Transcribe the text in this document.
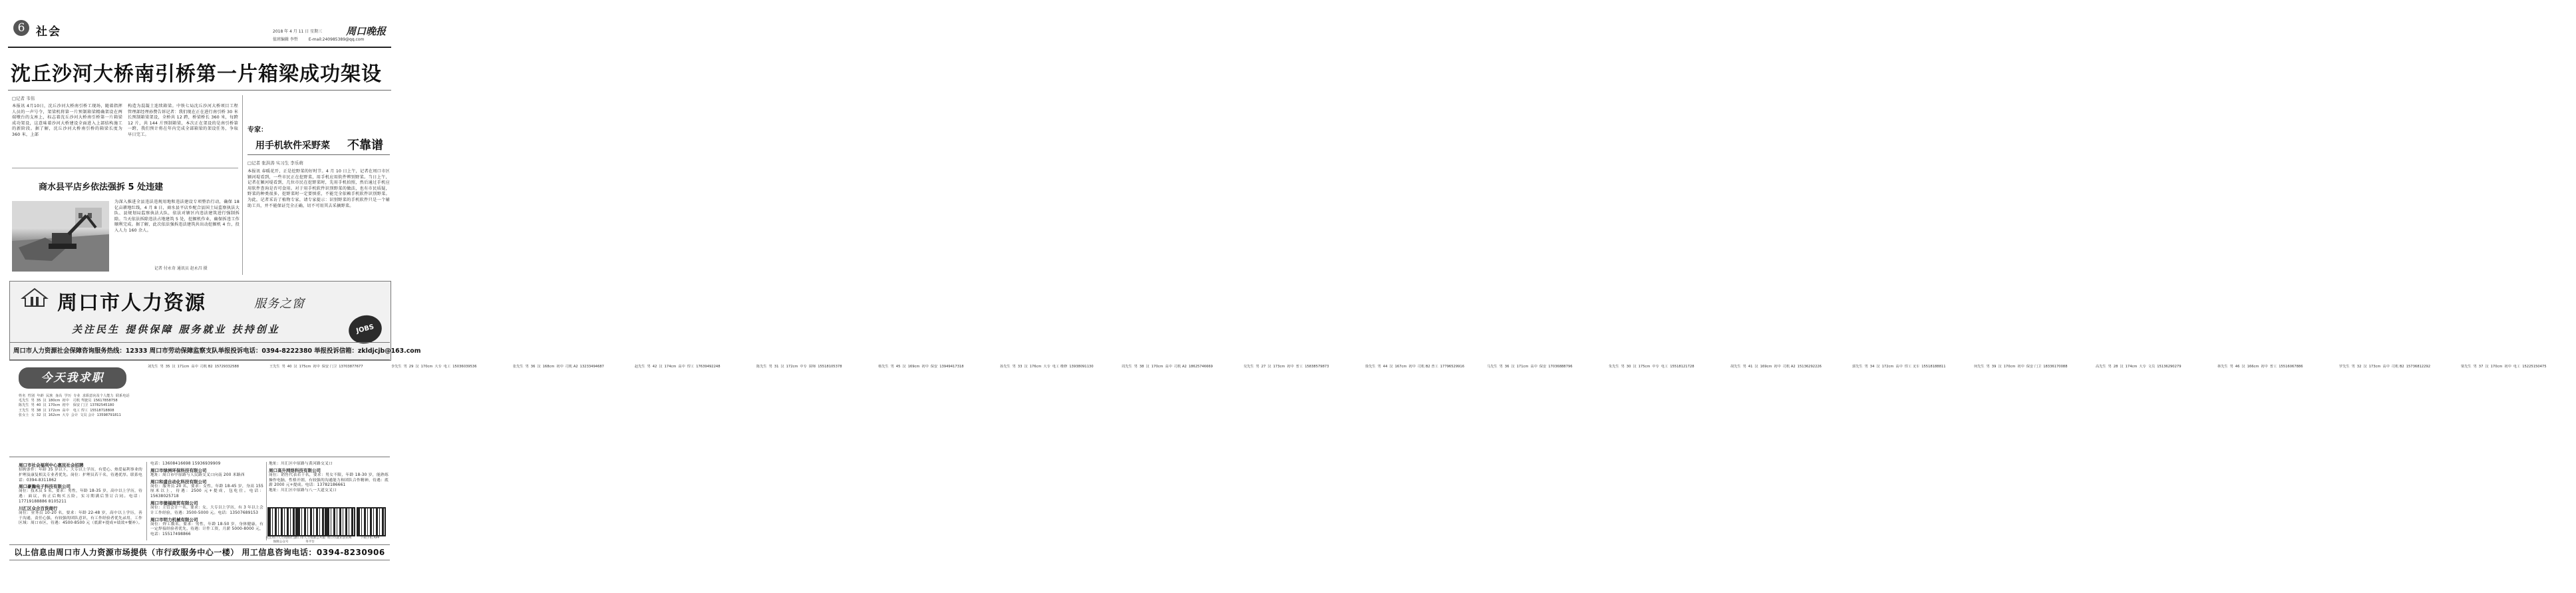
6 社会	2018 年 4 月 11 日 星期三 周口晚报
值班编辑 李哲	E-mail:240985389@qq.com
沈丘沙河大桥南引桥第一片箱梁成功架设
□记者 韦伟
本报讯 4月10日，沈丘沙河大桥南引桥工现场，随着指挥人员的一声号令，架梁机将第一片预制箱梁精确架设在两端墩台的支座上，标志着沈丘沙河大桥南引桥第一片箱梁成功架设，这意味着沙河大桥建设全面进入上部结构施工的新阶段。据了解，沈丘沙河大桥南引桥的箱梁长度为 360 米，上部
构造为混凝土连续箱梁。中铁七局沈丘沙河大桥项目工程管理部经理孙赞告诉记者：我们现在正在进行南引桥 30 米长预制箱梁架设，全桥共 12 跨，桥梁桥长 360 米，每跨 12 片，共 144 片预制箱梁，本次正在架设的是南引桥第一跨，我们预计将在年内完成全部箱梁的架设任务，争取早日完工。
商水县平店乡依法强拆 5 处违建
为深入推进全县违法违规用地和违法建设专项整治行动，确保 18 亿亩耕地红线，4 月 8 日，商水县平店乡配合县国土局监察执法大队、县规划局监察执法大队，依法对辖区内违法建筑进行强制拆除。当天依法拆除违法占地建筑 5 处，挖掘机作业，确保拆违工作顺利完成。据了解，此次依法强拆违法建筑共出动挖掘机 4 台，投入人力 160 余人。
记者 付永奇 通讯员 赵永昌 摄
专家：
用手机软件采野菜 不靠谱
□记者 张洪涛 实习生 李乐萌
本报讯 春暖花开，正是挖野菜的好时节。4 月 10 日上午，记者在周口市区颍河堤看到，一些市民正在挖野菜，用手机应用软件辨别野菜。当日上午，记者在颍河堤看到，几位市民在挖野菜时，先用手机拍照，然后通过手机应用软件查询是否可食用。对于用手机软件识别野菜的做法，也有市民质疑，野菜的种类很多，挖野菜时一定要慎重，不能完全依赖手机软件识别野菜。为此，记者采访了植物专家，请专家提示：识别野菜的手机软件只是一个辅助工具，并不能保证完全正确，切不可用其去采摘野菜。
周口市人力资源	服务之窗
关注民生 提供保障 服务就业 扶持创业	JOBS
周口市人力资源社会保障咨询服务热线：12333 周口市劳动保障监察支队举报投诉电话：0394-8222380 举报投诉信箱：zkldjcjb@163.com
今天我求职
姓名 性别 年龄 民族 身高 学历 专业 求职意向及个人能力 联系电话
毛先生 男 35 汉 180cm 初中 司机 驾驶员 15617858758
陈先生 男 40 汉 170cm 初中 保安 门卫 13782545180
王先生 男 38 汉 172cm 高中 电工 焊工 15518718808
张女士 女 32 汉 162cm 大专 会计 文员 会计 13598791811
刘先生 男 35 汉 171cm 高中 司机 B2 15729332588	王先生 男 40 汉 175cm 初中 保安 门卫 13703877677	李先生 男 29 汉 170cm 大专 电工 15036039536	张先生 男 36 汉 168cm 初中 司机 A2 13233494687	赵先生 男 42 汉 174cm 高中 焊工 17639492248	陈先生 男 31 汉 172cm 中专 厨师 15518105378	杨先生 男 45 汉 169cm 初中 保安 13949417318	孙先生 男 33 汉 176cm 大专 电工 维修 13938091130	周先生 男 38 汉 170cm 高中 司机 A2 18625746669	吴先生 男 27 汉 173cm 初中 普工 15838579873	徐先生 男 44 汉 167cm 初中 司机 B2 普工 17796529916	马先生 男 36 汉 171cm 高中 保安 17036888796	朱先生 男 30 汉 175cm 中专 电工 15518121728	胡先生 男 41 汉 169cm 初中 司机 A2 15136292226	郭先生 男 34 汉 172cm 高中 焊工 叉车 15518188811	何先生 男 39 汉 170cm 初中 保安 门卫 18336170088	高先生 男 28 汉 174cm 大专 文员 15136290279	林先生 男 46 汉 166cm 初中 普工 15516067886	罗先生 男 32 汉 173cm 高中 司机 B2 15736812292	梁先生 男 37 汉 170cm 初中 电工 15225150475
周口市社会福利中心惠民社会招聘
招聘条件：年龄 35 岁以下，大专以上学历，有爱心、热爱福利事业的护理及康复相关专业者优先。岗位：护理员若干名，待遇优厚。联系电话：0394-8311862
周口豪瀚电子科技有限公司
岗位：技术员 5 名，要求：男性，年龄 18-35 岁，高中以上学历，待遇：面议，转正后购买五险，实习期满后签订合同。电话：17719188886 8105211
川汇区众合百货商行
岗位：业务员 10-20 名，要求：年龄 22-48 岁，高中以上学历，善于沟通，责任心强，有较强的团队意识，有工作经验者优先录用，工作区域：周口市区，待遇：4500-8500 元（底薪+提成+绩效+餐补）。
电话：13608416698 15936939909
周口市绿洲环保科技有限公司
地址：周口市中原路与人民路交叉口向南 200 米路西
周口和盛自动化科技有限公司
岗位：服务员 20 名，要求：女性，年龄 18-45 岁，身高 155 厘米以上，待遇：2500 元+提成，包吃住。电话：15638025718
周口市德福商贸有限公司
岗位：主管会计一名，要求：女，大专以上学历，有 3 年以上会计工作经验，待遇：3500-5000 元。电话：13507689153
周口市明力机械有限公司
岗位：焊工数名，要求：男性，年龄 18-50 岁，身体健康，有一定焊接经验者优先，待遇：计件工资，月薪 5000-8000 元，电话：15517498866
地址：川汇区中原路与黄河路交叉口
周口高升网络科技有限公司
岗位：销售代表若干名，要求：男女不限，年龄 18-30 岁，能熟练操作电脑，性格开朗，有较强的沟通能力和团队合作精神，待遇：底薪 2000 元+提成。电话：13782186661
地址：川汇区中原路与八一大道交叉口
关注周口人力资源社会保障公众号
周口市人力资源公共服务平台
周口市就业创业网	下载手机 APP
以上信息由周口市人力资源市场提供（市行政服务中心一楼） 用工信息咨询电话：0394-8230906
